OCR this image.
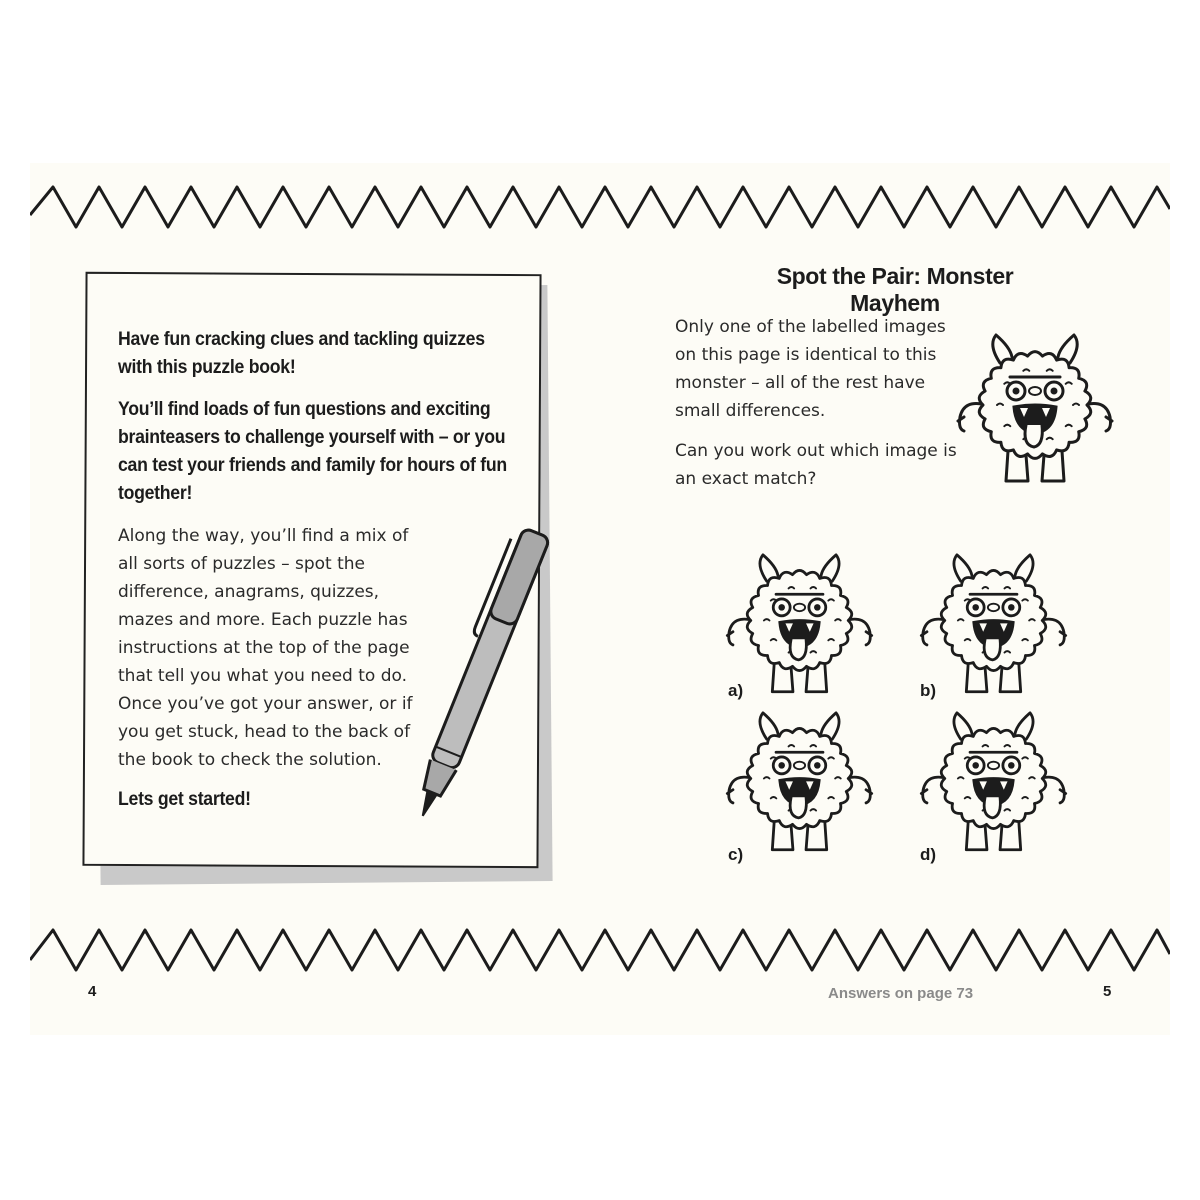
Have fun cracking clues and tackling quizzes with this puzzle book!

You’ll find loads of fun questions and exciting brainteasers to challenge yourself with – or you can test your friends and family for hours of fun together!

Along the way, you’ll find a mix of all sorts of puzzles – spot the difference, anagrams, quizzes, mazes and more. Each puzzle has instructions at the top of the page that tell you what you need to do. Once you’ve got your answer, or if you get stuck, head to the back of the book to check the solution.

Lets get started!

Spot the Pair: Monster Mayhem

Only one of the labelled images on this page is identical to this monster – all of the rest have small differences.

Can you work out which image is an exact match?

a)	b)
c)	d)
4	Answers on page 73	5
